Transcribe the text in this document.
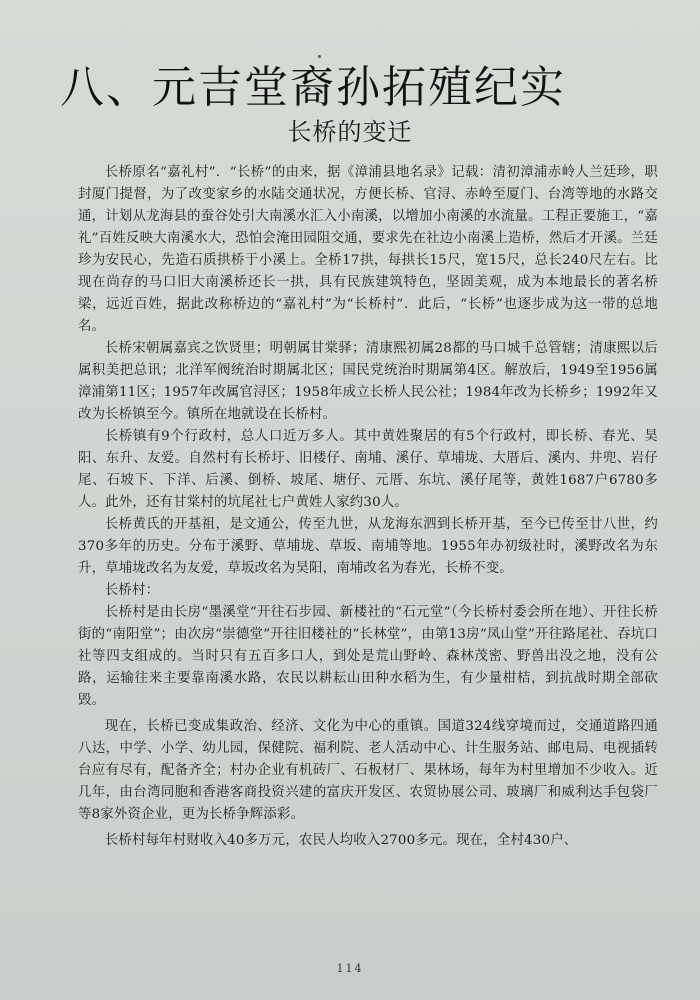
八、元吉堂裔孙拓殖纪实
长桥的变迁

长桥原名“嘉礼村”．“长桥”的由来，据《漳浦县地名录》记载：清初漳浦赤岭人兰廷珍，职封厦门提督，为了改变家乡的水陆交通状况，方便长桥、官浔、赤岭至厦门、台湾等地的水路交通，计划从龙海县的蚕谷处引大南溪水汇入小南溪，以增加小南溪的水流量。工程正要施工，“嘉礼”百姓反映大南溪水大，恐怕会淹田园阻交通，要求先在社边小南溪上造桥，然后才开溪。兰廷珍为安民心，先造石质拱桥于小溪上。全桥17拱，每拱长15尺，宽15尺，总长240尺左右。比现在尚存的马口旧大南溪桥还长一拱，具有民族建筑特色，坚固美观，成为本地最长的著名桥梁，远近百姓，据此改称桥边的“嘉礼村”为“长桥村”．此后，“长桥”也逐步成为这一带的总地名。

长桥宋朝属嘉宾之饮贤里；明朝属甘棠驿；清康熙初属28都的马口城千总管辖；清康熙以后属积美把总讯；北洋军阀统治时期属北区；国民党统治时期属第4区。解放后，1949至1956属漳浦第11区；1957年改属官浔区；1958年成立长桥人民公社；1984年改为长桥乡；1992年又改为长桥镇至今。镇所在地就设在长桥村。

长桥镇有9个行政村，总人口近万多人。其中黄姓聚居的有5个行政村，即长桥、春光、昊阳、东升、友爱。自然村有长桥圩、旧楼仔、南埔、溪仔、草埔垅、大厝后、溪内、井兜、岩仔尾、石坡下、下洋、后溪、倒桥、坡尾、塘仔、元厝、东坑、溪仔尾等，黄姓1687户6780多人。此外，还有甘棠村的坑尾社七户黄姓人家约30人。

长桥黄氏的开基祖，是文通公，传至九世，从龙海东泗到长桥开基，至今已传至廿八世，约370多年的历史。分布于溪野、草埔垅、草坂、南埔等地。1955年办初级社时，溪野改名为东升，草埔垅改名为友爱，草坂改名为昊阳，南埔改名为春光，长桥不变。

长桥村：

长桥村是由长房“墨溪堂”开往石步园、新楼社的“石元堂”（今长桥村委会所在地）、开往长桥街的“南阳堂”；由次房“崇德堂”开往旧楼社的“长林堂”，由第13房“凤山堂”开往路尾社、吞坑口社等四支组成的。当时只有五百多口人，到处是荒山野岭、森林茂密、野兽出没之地，没有公路，运输往来主要靠南溪水路，农民以耕耘山田种水稻为生，有少量柑桔，到抗战时期全部砍毁。

现在，长桥已变成集政治、经济、文化为中心的重镇。国道324线穿境而过，交通道路四通八达，中学、小学、幼儿园，保健院、福利院、老人活动中心、计生服务站、邮电局、电视插转台应有尽有，配备齐全；村办企业有机砖厂、石板材厂、果林场，每年为村里增加不少收入。近几年，由台湾同胞和香港客商投资兴建的富庆开发区、农贸协展公司、玻璃厂和威利达手包袋厂等8家外资企业，更为长桥争辉添彩。

长桥村每年村财收入40多万元，农民人均收入2700多元。现在，全村430户、

114
